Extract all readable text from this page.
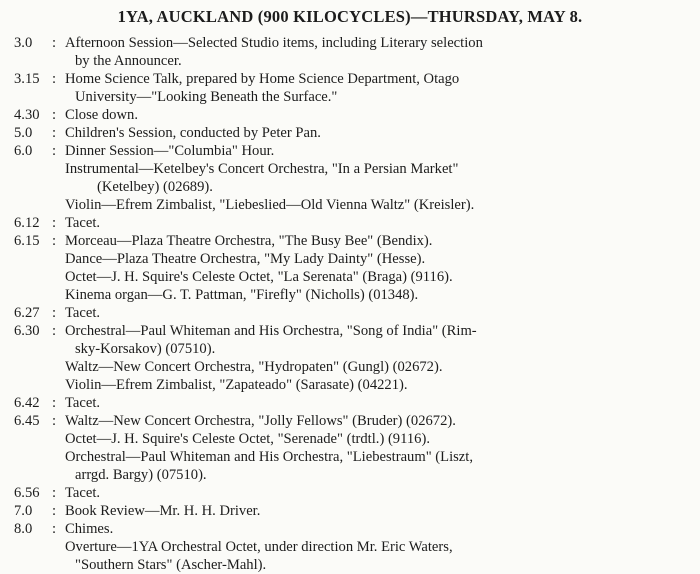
1YA, AUCKLAND (900 KILOCYCLES)—THURSDAY, MAY 8.
3.0 : Afternoon Session—Selected Studio items, including Literary selection
by the Announcer.
3.15 : Home Science Talk, prepared by Home Science Department, Otago
University—"Looking Beneath the Surface."
4.30 : Close down.
5.0 : Children's Session, conducted by Peter Pan.
6.0 : Dinner Session—"Columbia" Hour.
Instrumental—Ketelbey's Concert Orchestra, "In a Persian Market"
(Ketelbey) (02689).
Violin—Efrem Zimbalist, "Liebeslied—Old Vienna Waltz" (Kreisler).
6.12 : Tacet.
6.15 : Morceau—Plaza Theatre Orchestra, "The Busy Bee" (Bendix).
Dance—Plaza Theatre Orchestra, "My Lady Dainty" (Hesse).
Octet—J. H. Squire's Celeste Octet, "La Serenata" (Braga) (9116).
Kinema organ—G. T. Pattman, "Firefly" (Nicholls) (01348).
6.27 : Tacet.
6.30 : Orchestral—Paul Whiteman and His Orchestra, "Song of India" (Rim-
sky-Korsakov) (07510).
Waltz—New Concert Orchestra, "Hydropaten" (Gungl) (02672).
Violin—Efrem Zimbalist, "Zapateado" (Sarasate) (04221).
6.42 : Tacet.
6.45 : Waltz—New Concert Orchestra, "Jolly Fellows" (Bruder) (02672).
Octet—J. H. Squire's Celeste Octet, "Serenade" (trdtl.) (9116).
Orchestral—Paul Whiteman and His Orchestra, "Liebestraum" (Liszt,
arrgd. Bargy) (07510).
6.56 : Tacet.
7.0 : Book Review—Mr. H. H. Driver.
8.0 : Chimes.
Overture—1YA Orchestral Octet, under direction Mr. Eric Waters,
"Southern Stars" (Ascher-Mahl).
